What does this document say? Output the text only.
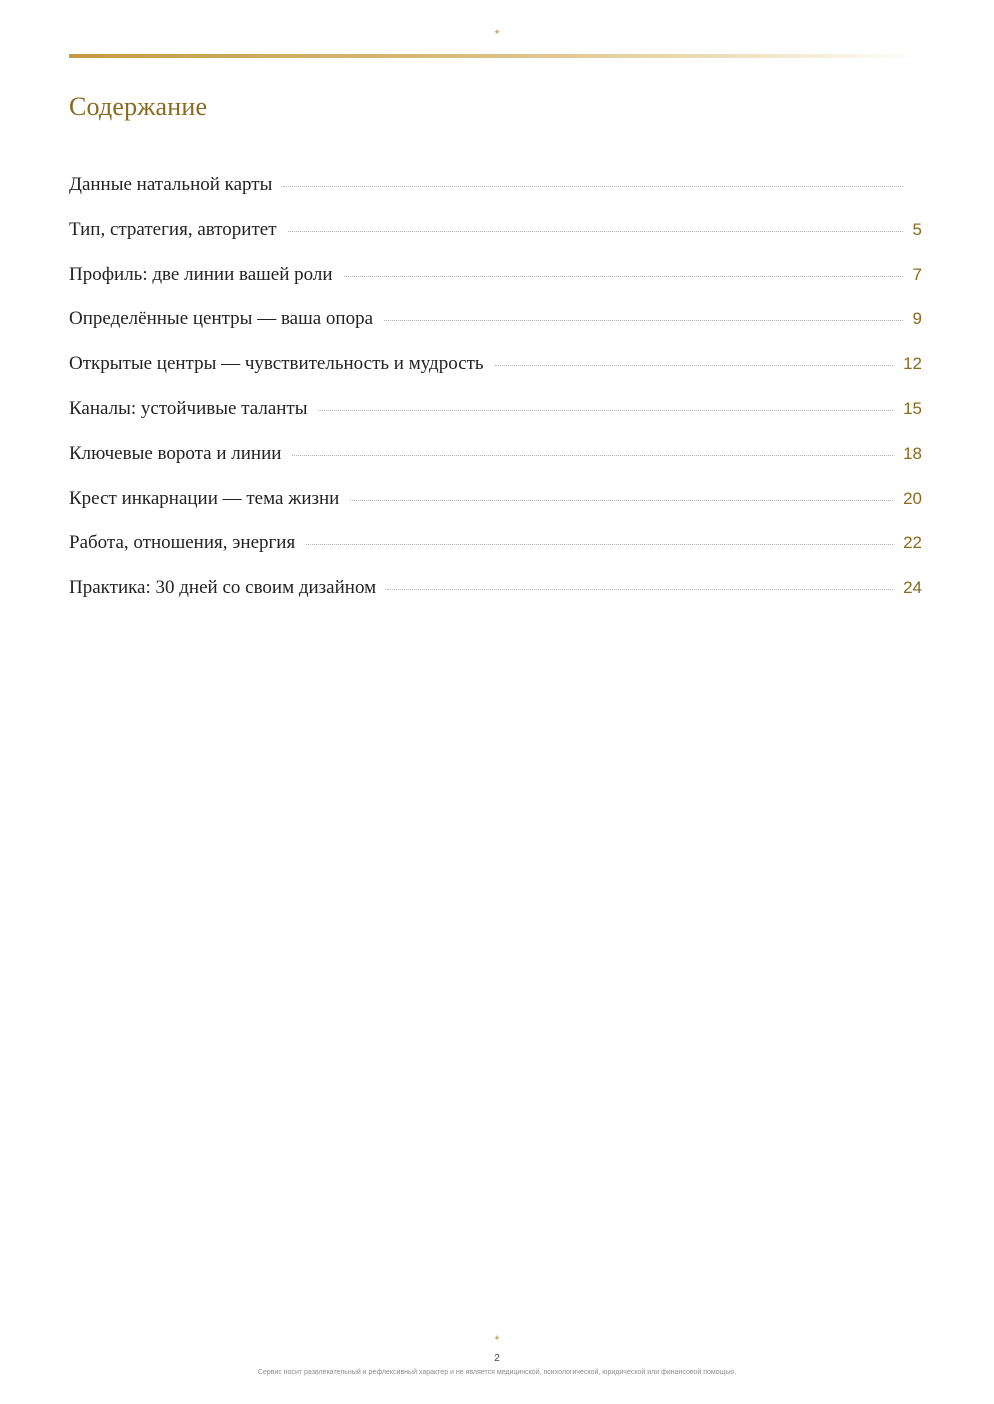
✦
Содержание
Данные натальной карты
Тип, стратегия, авторитет	5
Профиль: две линии вашей роли	7
Определённые центры — ваша опора	9
Открытые центры — чувствительность и мудрость	12
Каналы: устойчивые таланты	15
Ключевые ворота и линии	18
Крест инкарнации — тема жизни	20
Работа, отношения, энергия	22
Практика: 30 дней со своим дизайном	24
✦
2
Сервис носит развлекательный и рефлексивный характер и не является медицинской, психологической, юридической или финансовой помощью.
